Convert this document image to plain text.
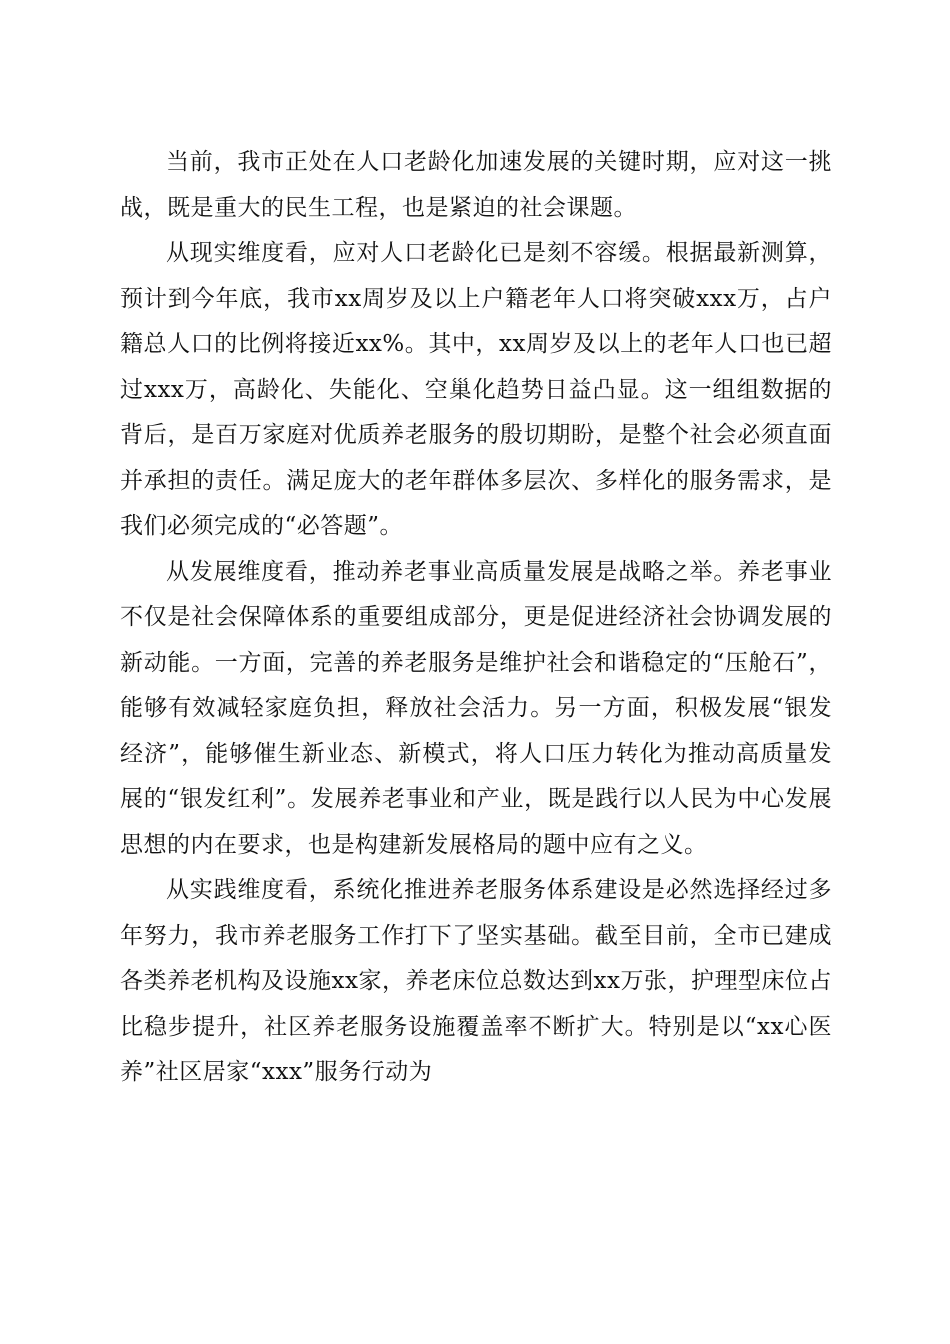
当前，我市正处在人口老龄化加速发展的关键时期，应对这一挑战，既是重大的民生工程，也是紧迫的社会课题。

从现实维度看，应对人口老龄化已是刻不容缓。根据最新测算，预计到今年底，我市xx周岁及以上户籍老年人口将突破xxx万，占户籍总人口的比例将接近xx%。其中，xx周岁及以上的老年人口也已超过xxx万，高龄化、失能化、空巢化趋势日益凸显。这一组组数据的背后，是百万家庭对优质养老服务的殷切期盼，是整个社会必须直面并承担的责任。满足庞大的老年群体多层次、多样化的服务需求，是我们必须完成的“必答题”。

从发展维度看，推动养老事业高质量发展是战略之举。养老事业不仅是社会保障体系的重要组成部分，更是促进经济社会协调发展的新动能。一方面，完善的养老服务是维护社会和谐稳定的“压舱石”，能够有效减轻家庭负担，释放社会活力。另一方面，积极发展“银发经济”，能够催生新业态、新模式，将人口压力转化为推动高质量发展的“银发红利”。发展养老事业和产业，既是践行以人民为中心发展思想的内在要求，也是构建新发展格局的题中应有之义。

从实践维度看，系统化推进养老服务体系建设是必然选择经过多年努力，我市养老服务工作打下了坚实基础。截至目前，全市已建成各类养老机构及设施xx家，养老床位总数达到xx万张，护理型床位占比稳步提升，社区养老服务设施覆盖率不断扩大。特别是以“xx心医养”社区居家“xxx”服务行动为
